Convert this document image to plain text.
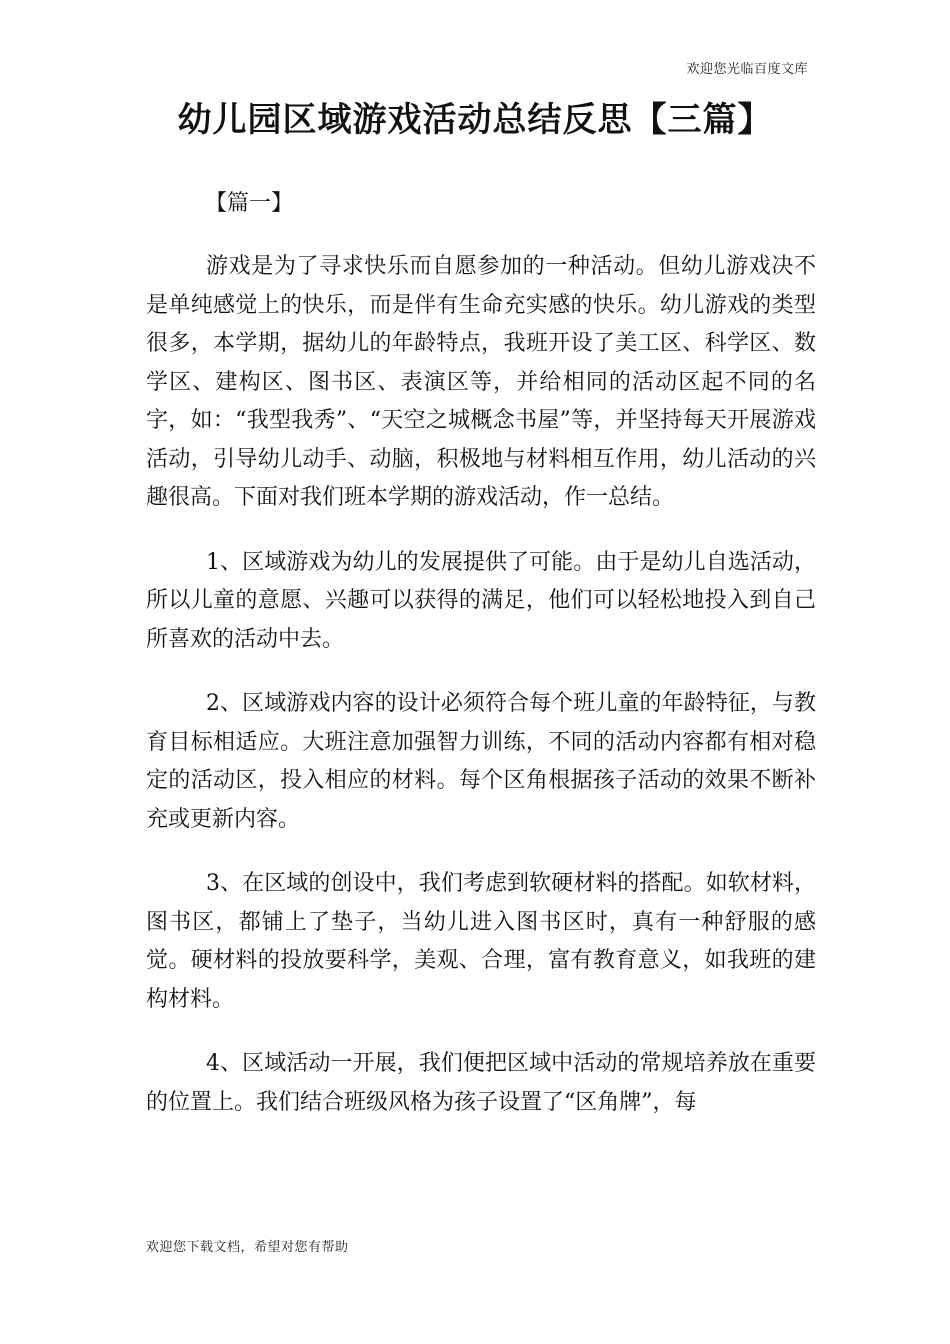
欢迎您光临百度文库
幼儿园区域游戏活动总结反思【三篇】
【篇一】

游戏是为了寻求快乐而自愿参加的一种活动。但幼儿游戏决不是单纯感觉上的快乐，而是伴有生命充实感的快乐。幼儿游戏的类型很多，本学期，据幼儿的年龄特点，我班开设了美工区、科学区、数学区、建构区、图书区、表演区等，并给相同的活动区起不同的名字，如：“我型我秀”、“天空之城概念书屋”等，并坚持每天开展游戏活动，引导幼儿动手、动脑，积极地与材料相互作用，幼儿活动的兴趣很高。下面对我们班本学期的游戏活动，作一总结。

1、区域游戏为幼儿的发展提供了可能。由于是幼儿自选活动，所以儿童的意愿、兴趣可以获得的满足，他们可以轻松地投入到自己所喜欢的活动中去。

2、区域游戏内容的设计必须符合每个班儿童的年龄特征，与教育目标相适应。大班注意加强智力训练，不同的活动内容都有相对稳定的活动区，投入相应的材料。每个区角根据孩子活动的效果不断补充或更新内容。

3、在区域的创设中，我们考虑到软硬材料的搭配。如软材料，图书区，都铺上了垫子，当幼儿进入图书区时，真有一种舒服的感觉。硬材料的投放要科学，美观、合理，富有教育意义，如我班的建构材料。

4、区域活动一开展，我们便把区域中活动的常规培养放在重要的位置上。我们结合班级风格为孩子设置了“区角牌”，每

欢迎您下载文档，希望对您有帮助
